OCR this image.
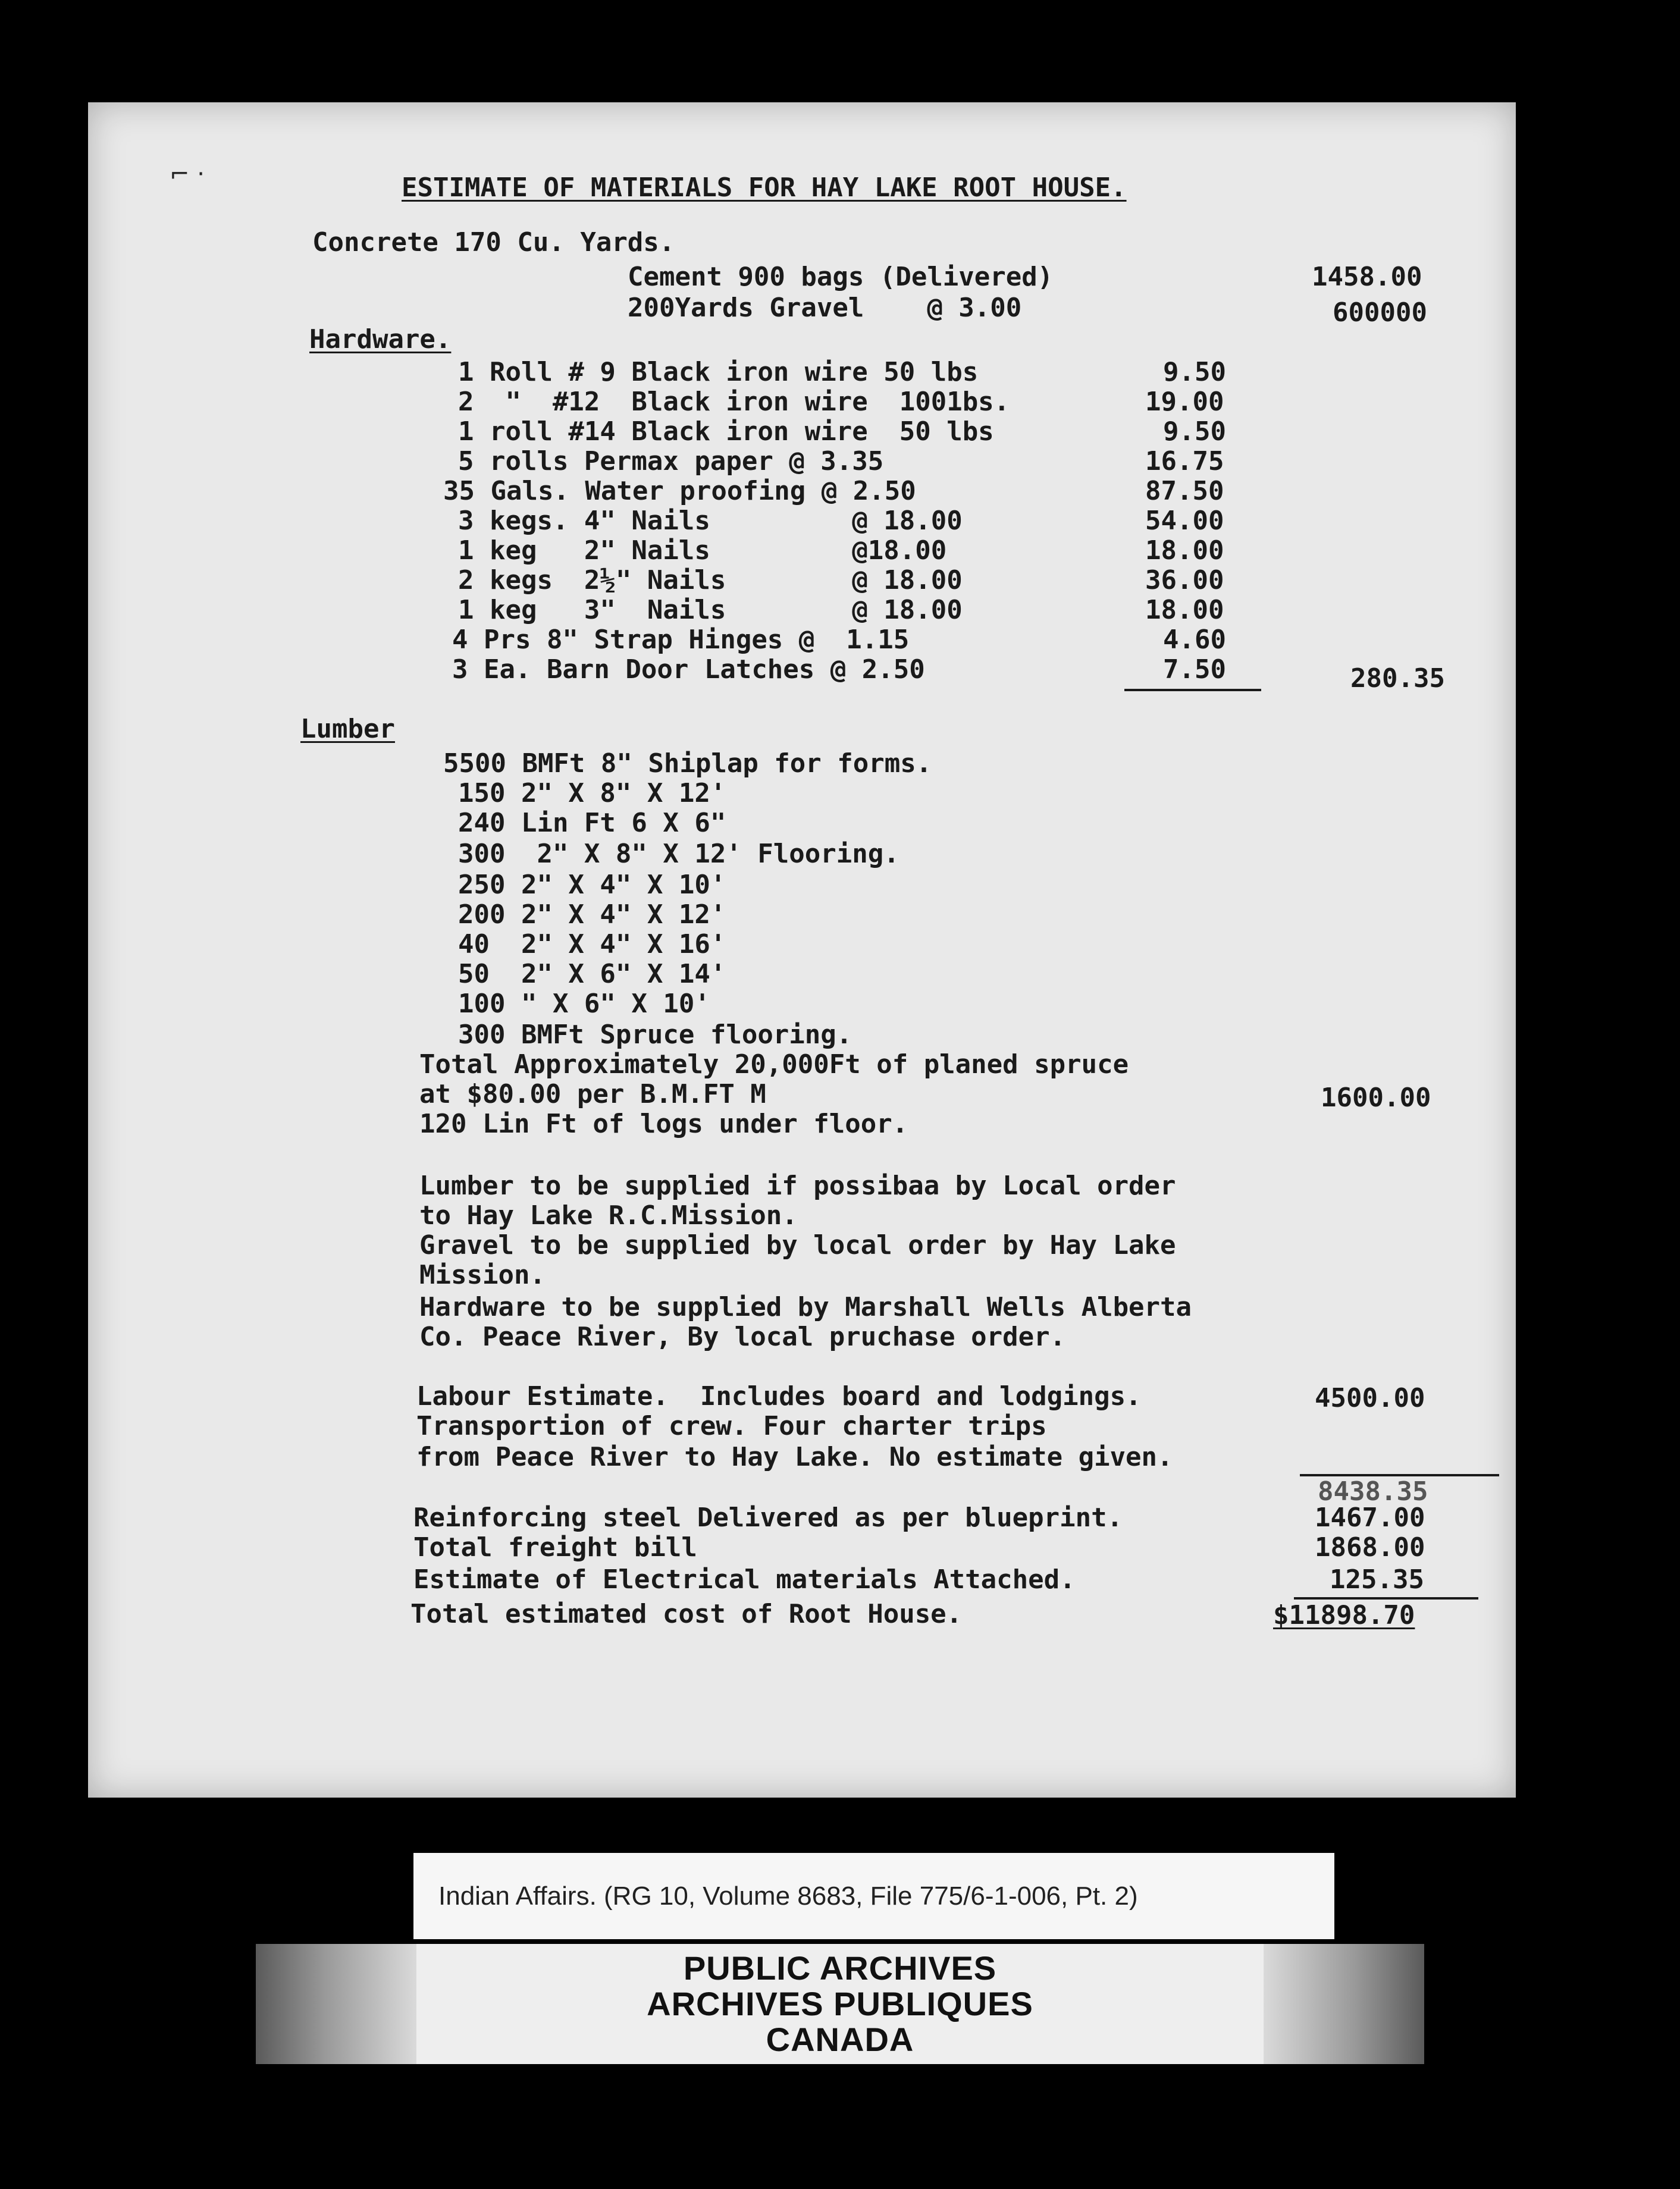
⌐ ·	ESTIMATE OF MATERIALS FOR HAY LAKE ROOT HOUSE.
Concrete 170 Cu. Yards.
Cement 900 bags (Delivered)	1458.00
200Yards Gravel    @ 3.00	600000
Hardware.
1 Roll # 9 Black iron wire 50 lbs	9.50
2  "  #12  Black iron wire  1001bs.	19.00
1 roll #14 Black iron wire  50 lbs	9.50
5 rolls Permax paper @ 3.35	16.75
35 Gals. Water proofing @ 2.50	87.50
3 kegs. 4" Nails         @ 18.00	54.00
1 keg   2" Nails         @18.00	18.00
2 kegs  2½" Nails        @ 18.00	36.00
1 keg   3"  Nails        @ 18.00	18.00
4 Prs 8" Strap Hinges @  1.15	4.60
3 Ea. Barn Door Latches @ 2.50	7.50	280.35
Lumber
5500 BMFt 8" Shiplap for forms.
150 2" X 8" X 12'
240 Lin Ft 6 X 6"
300  2" X 8" X 12' Flooring.
250 2" X 4" X 10'
200 2" X 4" X 12'
40  2" X 4" X 16'
50  2" X 6" X 14'
100 " X 6" X 10'
300 BMFt Spruce flooring.
Total Approximately 20,000Ft of planed spruce
at $80.00 per B.M.FT M	1600.00
120 Lin Ft of logs under floor.
Lumber to be supplied if possibaa by Local order
to Hay Lake R.C.Mission.
Gravel to be supplied by local order by Hay Lake
Mission.
Hardware to be supplied by Marshall Wells Alberta
Co. Peace River, By local pruchase order.
Labour Estimate.  Includes board and lodgings.	4500.00
Transportion of crew. Four charter trips
from Peace River to Hay Lake. No estimate given.
8438.35
Reinforcing steel Delivered as per blueprint.	1467.00
Total freight bill	1868.00
Estimate of Electrical materials Attached.	125.35
Total estimated cost of Root House.	$11898.70
Indian Affairs. (RG 10, Volume 8683, File 775/6-1-006, Pt. 2)
PUBLIC ARCHIVES
ARCHIVES PUBLIQUES
CANADA
